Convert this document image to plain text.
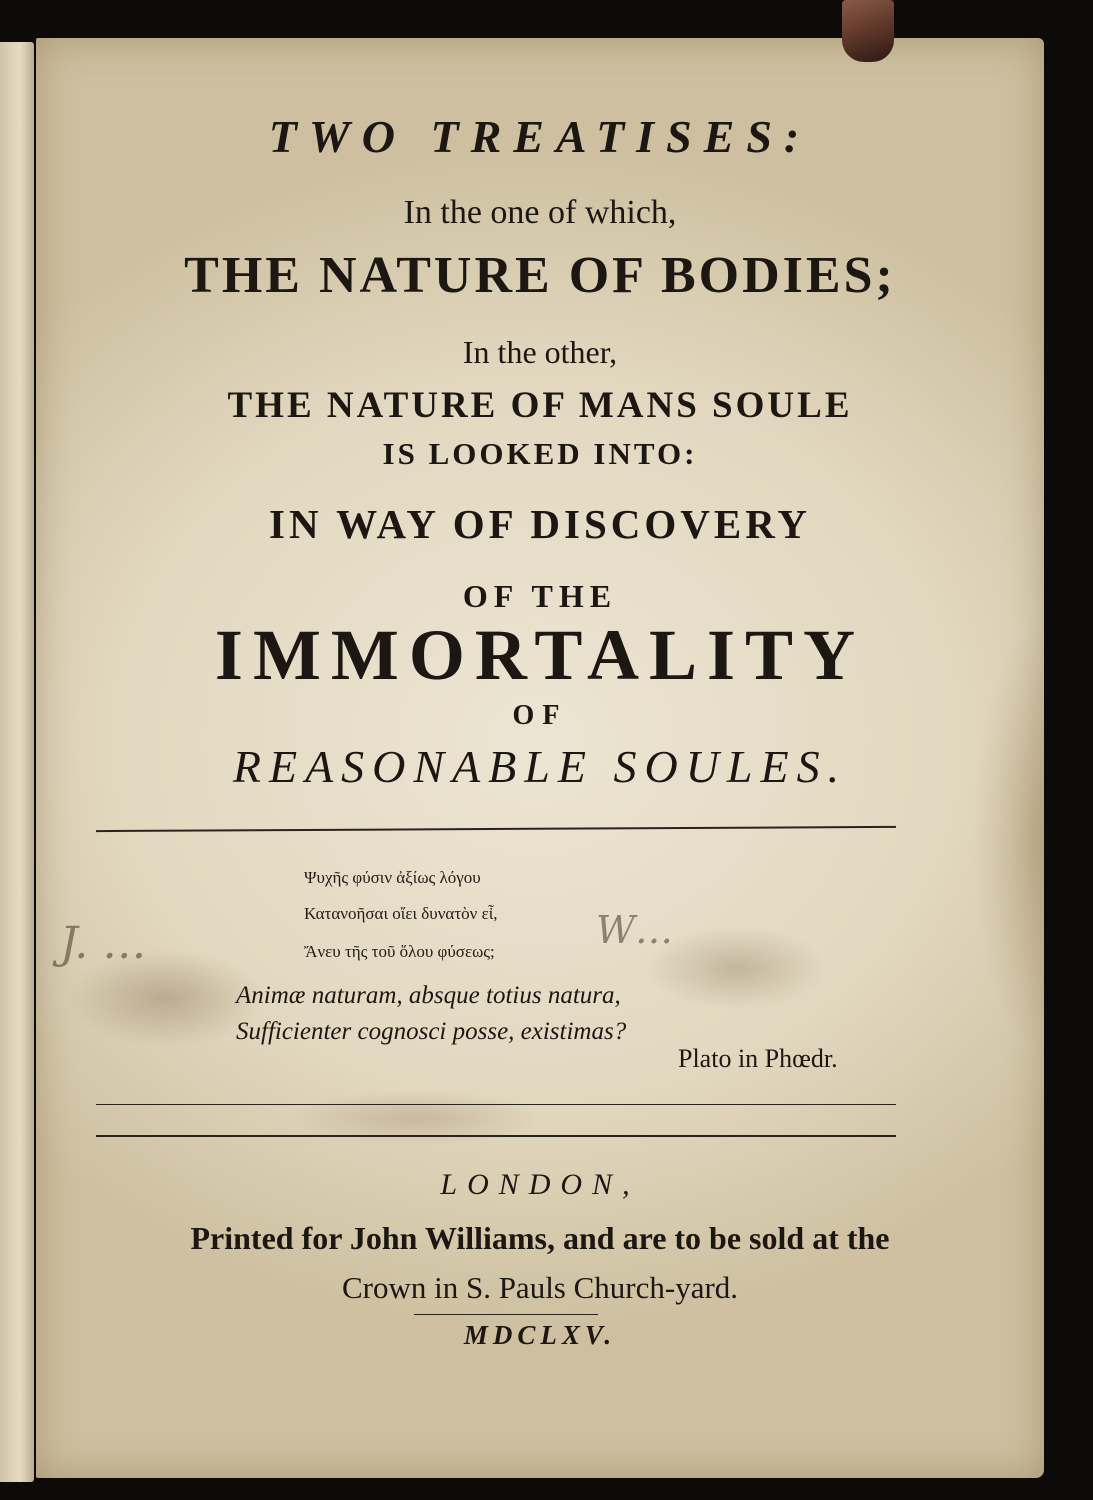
TWO TREATISES:
In the one of which,
THE NATURE OF BODIES;
In the other,
THE NATURE OF MANS SOULE
IS LOOKED INTO:
IN WAY OF DISCOVERY
OF THE
IMMORTALITY
OF
REASONABLE SOULES.
J. …	W…
Ψυχῆς φύσιν ἀξίως λόγου
Κατανοῆσαι οἴει δυνατὸν εἶ,
Ἄνευ τῆς τοῦ ὅλου φύσεως;
Animæ naturam, absque totius natura,
Sufficienter cognosci posse, existimas?
Plato in Phœdr.
LONDON,
Printed for John Williams, and are to be sold at the
Crown in S. Pauls Church-yard.
MDCLXV.
